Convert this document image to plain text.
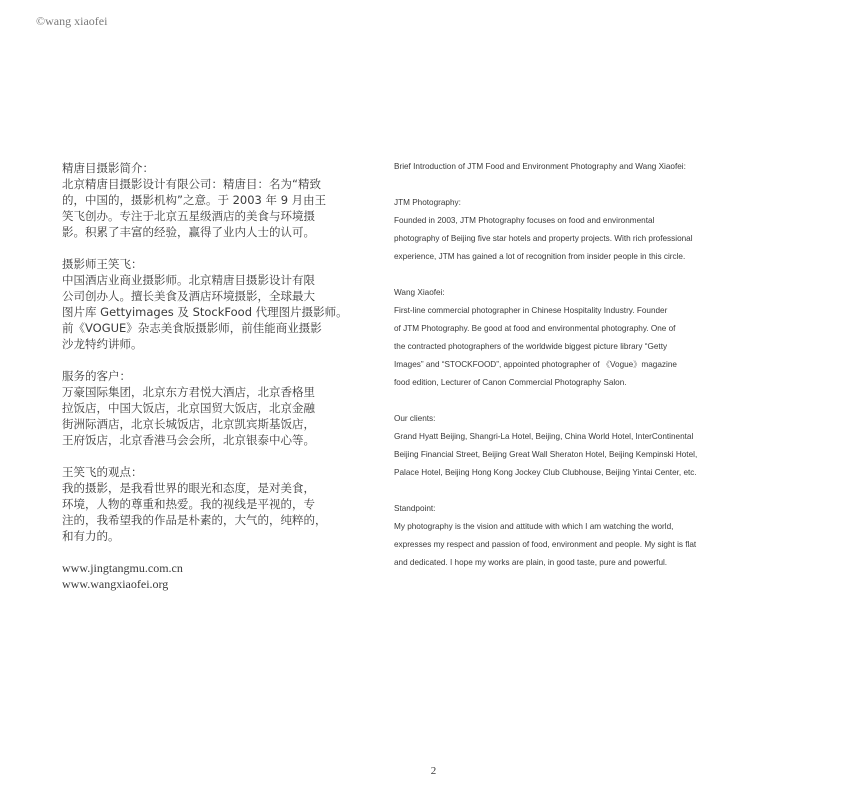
©wang xiaofei
精唐目摄影简介：
北京精唐目摄影设计有限公司：精唐目：名为“精致
的，中国的，摄影机构”之意。于 2003 年 9 月由王
笑飞创办。专注于北京五星级酒店的美食与环境摄
影。积累了丰富的经验，赢得了业内人士的认可。
摄影师王笑飞：
中国酒店业商业摄影师。北京精唐目摄影设计有限
公司创办人。擅长美食及酒店环境摄影，全球最大
图片库 Gettyimages 及 StockFood 代理图片摄影师。
前《VOGUE》杂志美食版摄影师，前佳能商业摄影
沙龙特约讲师。
服务的客户：
万豪国际集团，北京东方君悦大酒店，北京香格里
拉饭店，中国大饭店，北京国贸大饭店，北京金融
街洲际酒店，北京长城饭店，北京凯宾斯基饭店，
王府饭店，北京香港马会会所，北京银泰中心等。
王笑飞的观点：
我的摄影，是我看世界的眼光和态度，是对美食，
环境，人物的尊重和热爱。我的视线是平视的，专
注的，我希望我的作品是朴素的，大气的，纯粹的，
和有力的。
www.jingtangmu.com.cn
www.wangxiaofei.org
Brief Introduction of JTM Food and Environment Photography and Wang Xiaofei:
JTM Photography:
Founded in 2003, JTM Photography focuses on food and environmental
photography of Beijing five star hotels and property projects. With rich professional
experience, JTM has gained a lot of recognition from insider people in this circle.
Wang Xiaofei:
First-line commercial photographer in Chinese Hospitality Industry. Founder
of JTM Photography. Be good at food and environmental photography. One of
the contracted photographers of the worldwide biggest picture library “Getty
Images” and “STOCKFOOD”, appointed photographer of 《Vogue》magazine
food edition, Lecturer of Canon Commercial Photography Salon.
Our clients:
Grand Hyatt Beijing, Shangri-La Hotel, Beijing, China World Hotel, InterContinental
Beijing Financial Street, Beijing Great Wall Sheraton Hotel, Beijing Kempinski Hotel,
Palace Hotel, Beijing Hong Kong Jockey Club Clubhouse, Beijing Yintai Center, etc.
Standpoint:
My photography is the vision and attitude with which I am watching the world,
expresses my respect and passion of food, environment and people. My sight is flat
and dedicated. I hope my works are plain, in good taste, pure and powerful.
2
